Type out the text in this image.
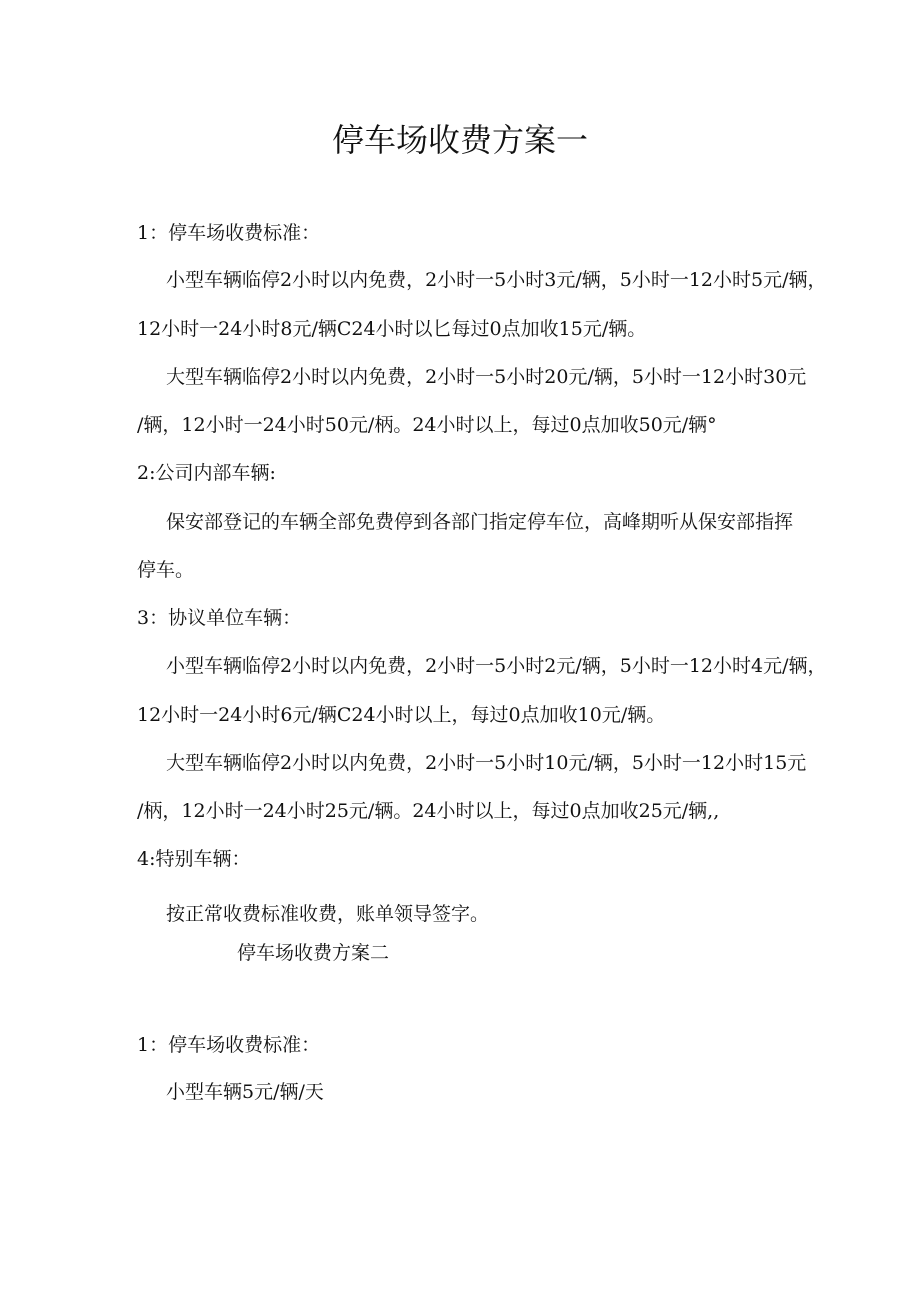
停车场收费方案一
1：停车场收费标准：
小型车辆临停2小时以内免费，2小时一5小时3元/辆，5小时一12小时5元/辆，
12小时一24小时8元/辆C24小时以匕每过0点加收15元/辆。
大型车辆临停2小时以内免费，2小时一5小时20元/辆，5小时一12小时30元
/辆，12小时一24小时50元/柄。24小时以上，每过0点加收50元/辆°
2:公司内部车辆:
保安部登记的车辆全部免费停到各部门指定停车位，高峰期听从保安部指挥
停车。
3：协议单位车辆：
小型车辆临停2小时以内免费，2小时一5小时2元/辆，5小时一12小时4元/辆，
12小时一24小时6元/辆C24小时以上，每过0点加收10元/辆。
大型车辆临停2小时以内免费，2小时一5小时10元/辆，5小时一12小时15元
/柄，12小时一24小时25元/辆。24小时以上，每过0点加收25元/辆,,
4:特别车辆：
按正常收费标准收费，账单领导签字。
停车场收费方案二
1：停车场收费标准：
小型车辆5元/辆/天
